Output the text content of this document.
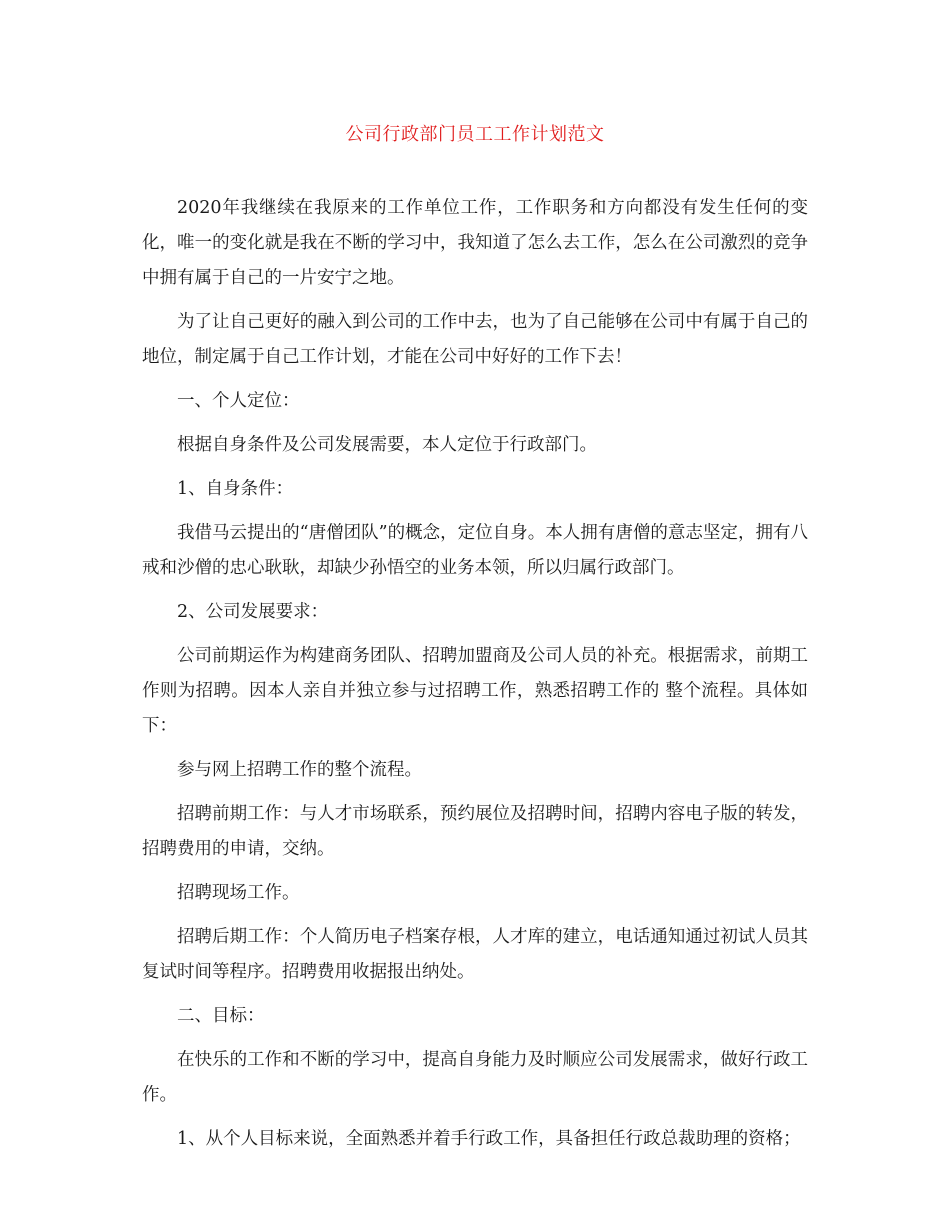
公司行政部门员工工作计划范文

2020年我继续在我原来的工作单位工作，工作职务和方向都没有发生任何的变化，唯一的变化就是我在不断的学习中，我知道了怎么去工作，怎么在公司激烈的竞争中拥有属于自己的一片安宁之地。

为了让自己更好的融入到公司的工作中去，也为了自己能够在公司中有属于自己的地位，制定属于自己工作计划，才能在公司中好好的工作下去！

一、个人定位：

根据自身条件及公司发展需要，本人定位于行政部门。

1、自身条件：

我借马云提出的“唐僧团队”的概念，定位自身。本人拥有唐僧的意志坚定，拥有八戒和沙僧的忠心耿耿，却缺少孙悟空的业务本领，所以归属行政部门。

2、公司发展要求：

公司前期运作为构建商务团队、招聘加盟商及公司人员的补充。根据需求，前期工作则为招聘。因本人亲自并独立参与过招聘工作，熟悉招聘工作的 整个流程。具体如下：

参与网上招聘工作的整个流程。

招聘前期工作：与人才市场联系，预约展位及招聘时间，招聘内容电子版的转发，招聘费用的申请，交纳。

招聘现场工作。

招聘后期工作：个人简历电子档案存根，人才库的建立，电话通知通过初试人员其复试时间等程序。招聘费用收据报出纳处。

二、目标：

在快乐的工作和不断的学习中，提高自身能力及时顺应公司发展需求，做好行政工作。

1、从个人目标来说，全面熟悉并着手行政工作，具备担任行政总裁助理的资格；
